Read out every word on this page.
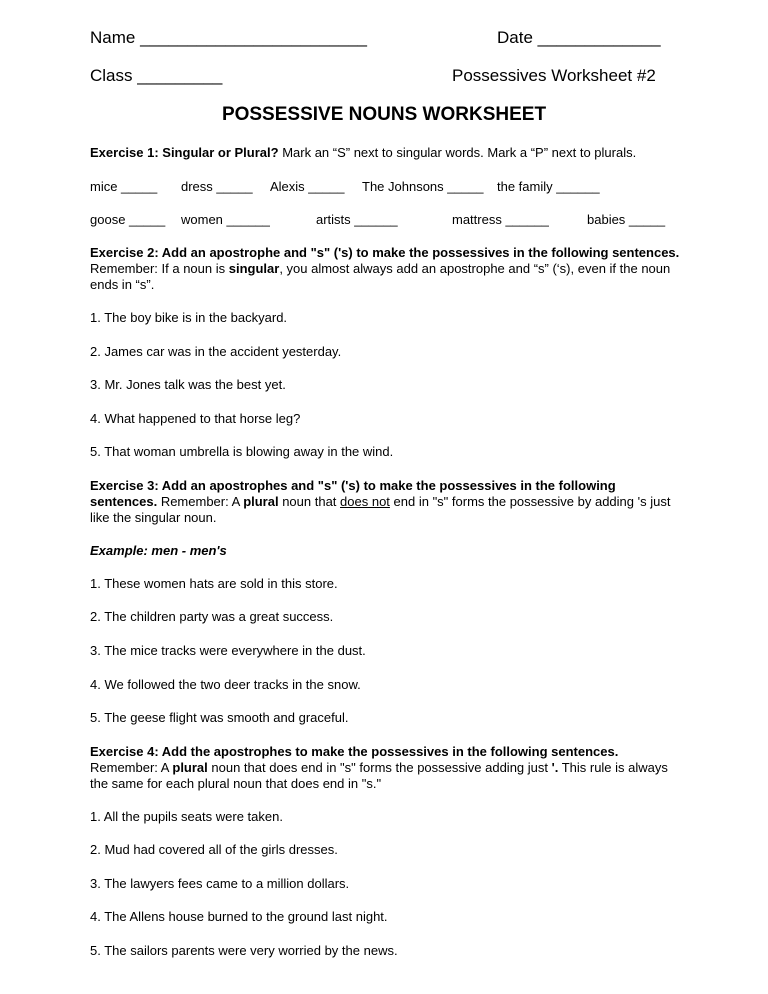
Name ________________________	Date _____________
Class _________	Possessives Worksheet #2
POSSESSIVE NOUNS WORKSHEET
Exercise 1: Singular or Plural? Mark an “S” next to singular words. Mark a “P” next to plurals.
mice _____ dress _____ Alexis _____ The Johnsons _____ the family ______
goose _____ women ______	artists ______	mattress ______	babies _____
Exercise 2: Add an apostrophe and "s" ('s) to make the possessives in the following sentences. Remember: If a noun is singular, you almost always add an apostrophe and “s” (‘s), even if the noun ends in “s”.
1. The boy bike is in the backyard.
2. James car was in the accident yesterday.
3. Mr. Jones talk was the best yet.
4. What happened to that horse leg?
5. That woman umbrella is blowing away in the wind.
Exercise 3: Add an apostrophes and "s" ('s) to make the possessives in the following sentences. Remember: A plural noun that does not end in "s" forms the possessive by adding 's just like the singular noun.
Example: men - men's
1. These women hats are sold in this store.
2. The children party was a great success.
3. The mice tracks were everywhere in the dust.
4. We followed the two deer tracks in the snow.
5. The geese flight was smooth and graceful.
Exercise 4: Add the apostrophes to make the possessives in the following sentences.
Remember: A plural noun that does end in "s" forms the possessive adding just '. This rule is always the same for each plural noun that does end in "s."
1. All the pupils seats were taken.
2. Mud had covered all of the girls dresses.
3. The lawyers fees came to a million dollars.
4. The Allens house burned to the ground last night.
5. The sailors parents were very worried by the news.
